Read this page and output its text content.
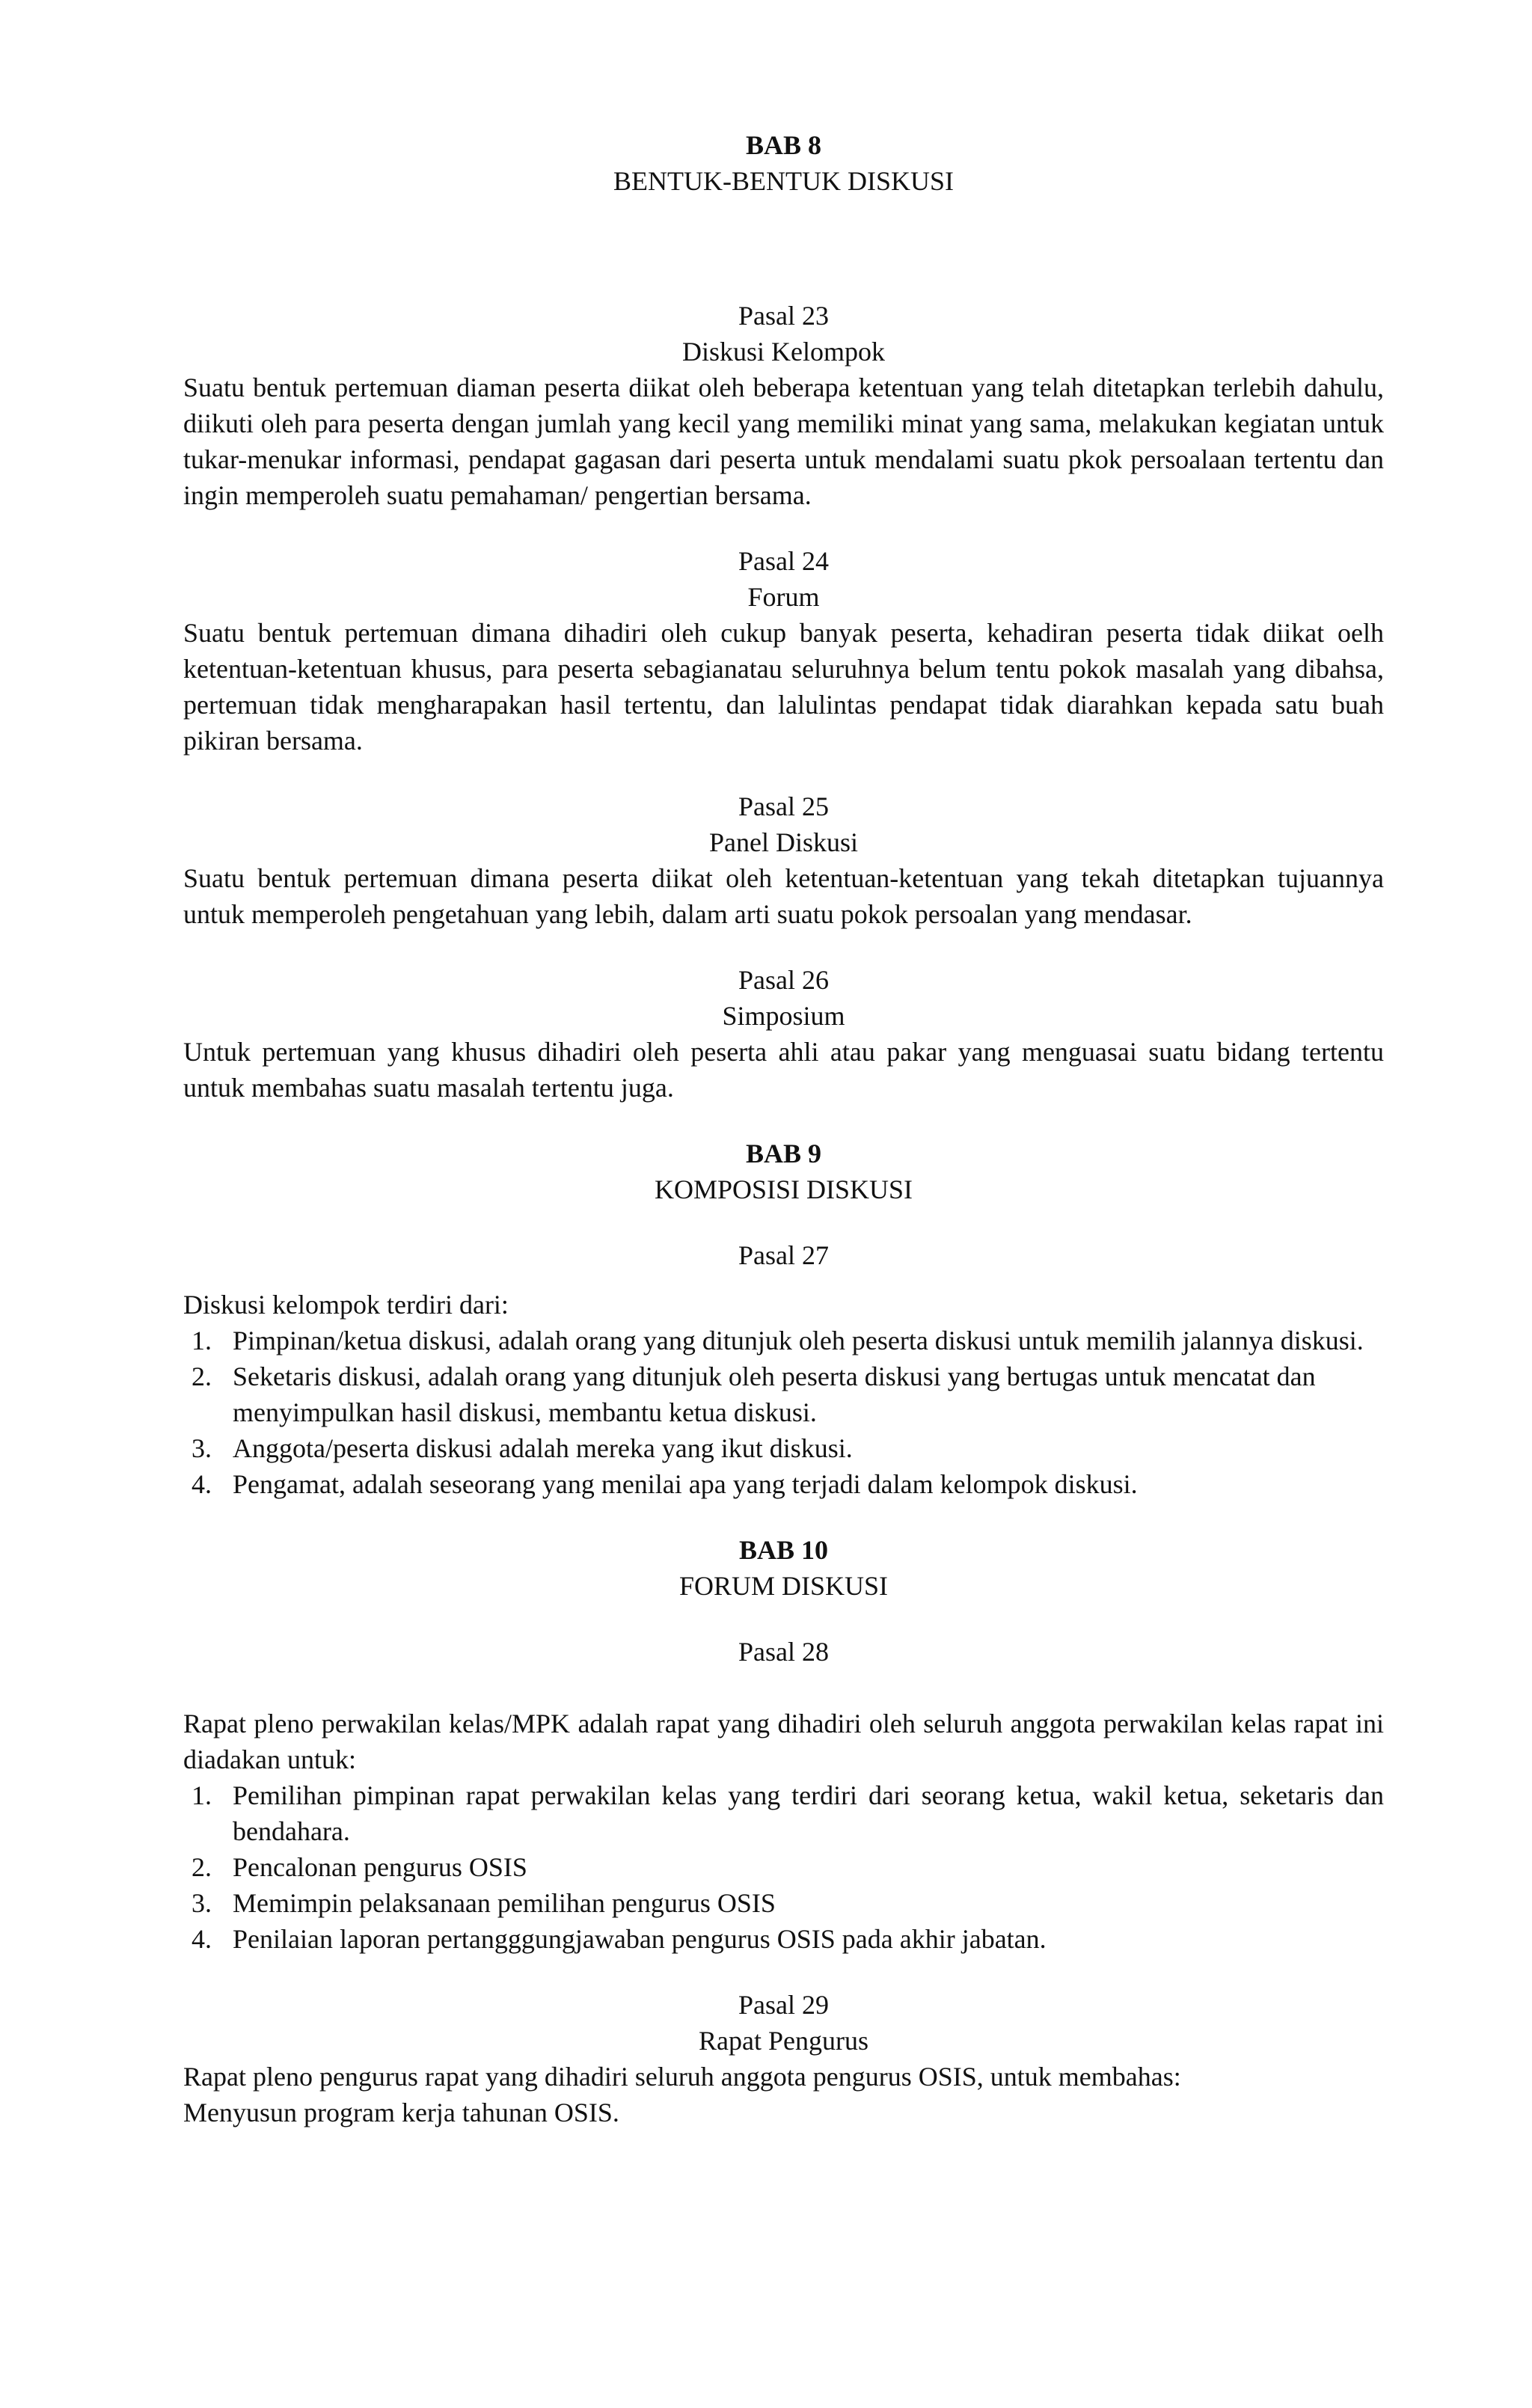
BAB 8
BENTUK-BENTUK DISKUSI
Pasal 23
Diskusi Kelompok

Suatu bentuk pertemuan diaman peserta diikat oleh beberapa ketentuan yang telah ditetapkan terlebih dahulu, diikuti oleh para peserta dengan jumlah yang kecil yang memiliki minat yang sama, melakukan kegiatan untuk tukar-menukar informasi, pendapat gagasan dari peserta untuk mendalami suatu pkok persoalaan tertentu dan ingin memperoleh suatu pemahaman/ pengertian bersama.

Pasal 24
Forum

Suatu bentuk pertemuan dimana dihadiri oleh cukup banyak peserta, kehadiran peserta tidak diikat oelh ketentuan-ketentuan khusus, para peserta sebagianatau seluruhnya belum tentu pokok masalah yang dibahsa, pertemuan tidak mengharapakan hasil tertentu, dan lalulintas pendapat tidak diarahkan kepada satu buah pikiran bersama.

Pasal 25
Panel Diskusi

Suatu bentuk pertemuan dimana peserta diikat oleh ketentuan-ketentuan yang tekah ditetapkan tujuannya untuk memperoleh pengetahuan yang lebih, dalam arti suatu pokok persoalan yang mendasar.

Pasal 26
Simposium

Untuk pertemuan yang khusus dihadiri oleh peserta ahli atau pakar yang menguasai suatu bidang tertentu untuk membahas suatu masalah tertentu juga.

BAB 9
KOMPOSISI DISKUSI
Pasal 27
Diskusi kelompok terdiri dari:
1. Pimpinan/ketua diskusi, adalah orang yang ditunjuk oleh peserta diskusi untuk memilih jalannya diskusi.
2. Seketaris diskusi, adalah orang yang ditunjuk oleh peserta diskusi yang bertugas untuk mencatat dan menyimpulkan hasil diskusi, membantu ketua diskusi.
3. Anggota/peserta diskusi adalah mereka yang ikut diskusi.
4. Pengamat, adalah seseorang yang menilai apa yang terjadi dalam kelompok diskusi.
BAB 10
FORUM DISKUSI
Pasal 28

Rapat pleno perwakilan kelas/MPK adalah rapat yang dihadiri oleh seluruh anggota perwakilan kelas rapat ini diadakan untuk:

1. Pemilihan pimpinan rapat perwakilan kelas yang terdiri dari seorang ketua, wakil ketua, seketaris dan bendahara.
2. Pencalonan pengurus OSIS
3. Memimpin pelaksanaan pemilihan pengurus OSIS
4. Penilaian laporan pertangggungjawaban pengurus OSIS pada akhir jabatan.
Pasal 29
Rapat Pengurus
Rapat pleno pengurus rapat yang dihadiri seluruh anggota pengurus OSIS, untuk membahas:
Menyusun program kerja tahunan OSIS.
